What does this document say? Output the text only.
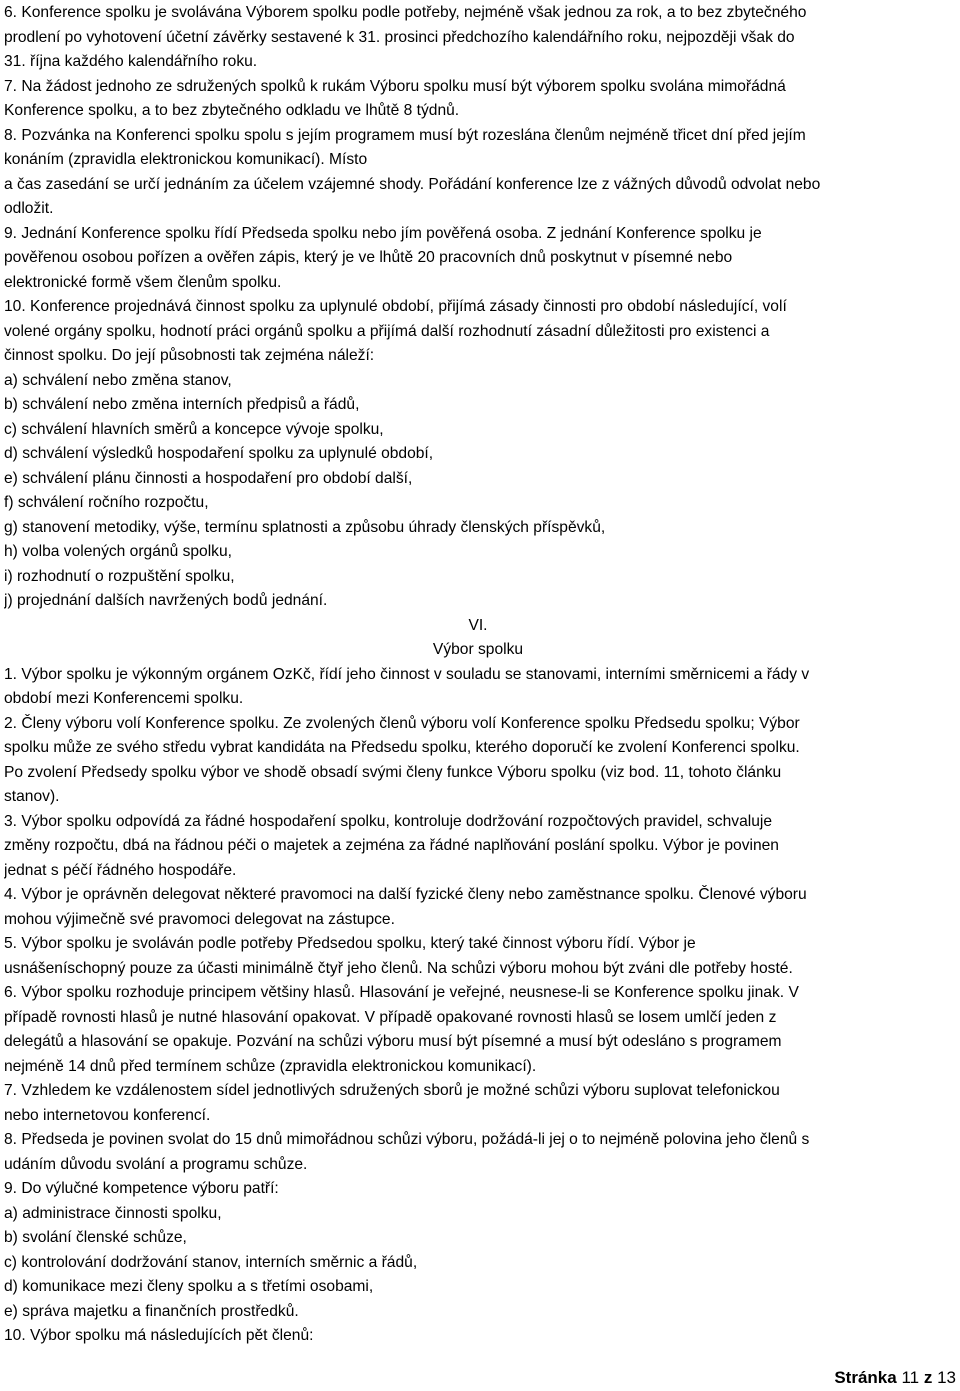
6. Konference spolku je svolávána Výborem spolku podle potřeby, nejméně však jednou za rok, a to bez zbytečného
prodlení po vyhotovení účetní závěrky sestavené k 31. prosinci předchozího kalendářního roku, nejpozději však do
31. října každého kalendářního roku.
7. Na žádost jednoho ze sdružených spolků k rukám Výboru spolku musí být výborem spolku svolána mimořádná
Konference spolku, a to bez zbytečného odkladu ve lhůtě 8 týdnů.
8. Pozvánka na Konferenci spolku spolu s jejím programem musí být rozeslána členům nejméně třicet dní před jejím
konáním (zpravidla elektronickou komunikací). Místo
a čas zasedání se určí jednáním za účelem vzájemné shody. Pořádání konference lze z vážných důvodů odvolat nebo
odložit.
9. Jednání Konference spolku řídí Předseda spolku nebo jím pověřená osoba. Z jednání Konference spolku je
pověřenou osobou pořízen a ověřen zápis, který je ve lhůtě 20 pracovních dnů poskytnut v písemné nebo
elektronické formě všem členům spolku.
10. Konference projednává činnost spolku za uplynulé období, přijímá zásady činnosti pro období následující, volí
volené orgány spolku, hodnotí práci orgánů spolku a přijímá další rozhodnutí zásadní důležitosti pro existenci a
činnost spolku. Do její působnosti tak zejména náleží:
a) schválení nebo změna stanov,
b) schválení nebo změna interních předpisů a řádů,
c) schválení hlavních směrů a koncepce vývoje spolku,
d) schválení výsledků hospodaření spolku za uplynulé období,
e) schválení plánu činnosti a hospodaření pro období další,
f) schválení ročního rozpočtu,
g) stanovení metodiky, výše, termínu splatnosti a způsobu úhrady členských příspěvků,
h) volba volených orgánů spolku,
i) rozhodnutí o rozpuštění spolku,
j) projednání dalších navržených bodů jednání.
VI.
Výbor spolku
1. Výbor spolku je výkonným orgánem OzKč, řídí jeho činnost v souladu se stanovami, interními směrnicemi a řády v
období mezi Konferencemi spolku.
2. Členy výboru volí Konference spolku. Ze zvolených členů výboru volí Konference spolku Předsedu spolku; Výbor
spolku může ze svého středu vybrat kandidáta na Předsedu spolku, kterého doporučí ke zvolení Konferenci spolku.
Po zvolení Předsedy spolku výbor ve shodě obsadí svými členy funkce Výboru spolku (viz bod. 11, tohoto článku
stanov).
3. Výbor spolku odpovídá za řádné hospodaření spolku, kontroluje dodržování rozpočtových pravidel, schvaluje
změny rozpočtu, dbá na řádnou péči o majetek a zejména za řádné naplňování poslání spolku. Výbor je povinen
jednat s péčí řádného hospodáře.
4. Výbor je oprávněn delegovat některé pravomoci na další fyzické členy nebo zaměstnance spolku. Členové výboru
mohou výjimečně své pravomoci delegovat na zástupce.
5. Výbor spolku je svoláván podle potřeby Předsedou spolku, který také činnost výboru řídí. Výbor je
usnášeníschopný pouze za účasti minimálně čtyř jeho členů. Na schůzi výboru mohou být zváni dle potřeby hosté.
6. Výbor spolku rozhoduje principem většiny hlasů. Hlasování je veřejné, neusnese-li se Konference spolku jinak. V
případě rovnosti hlasů je nutné hlasování opakovat. V případě opakované rovnosti hlasů se losem umlčí jeden z
delegátů a hlasování se opakuje. Pozvání na schůzi výboru musí být písemné a musí být odesláno s programem
nejméně 14 dnů před termínem schůze (zpravidla elektronickou komunikací).
7. Vzhledem ke vzdálenostem sídel jednotlivých sdružených sborů je možné schůzi výboru suplovat telefonickou
nebo internetovou konferencí.
8. Předseda je povinen svolat do 15 dnů mimořádnou schůzi výboru, požádá-li jej o to nejméně polovina jeho členů s
udáním důvodu svolání a programu schůze.
9. Do výlučné kompetence výboru patří:
a) administrace činnosti spolku,
b) svolání členské schůze,
c) kontrolování dodržování stanov, interních směrnic a řádů,
d) komunikace mezi členy spolku a s třetími osobami,
e) správa majetku a finančních prostředků.
10. Výbor spolku má následujících pět členů:
Stránka 11 z 13
